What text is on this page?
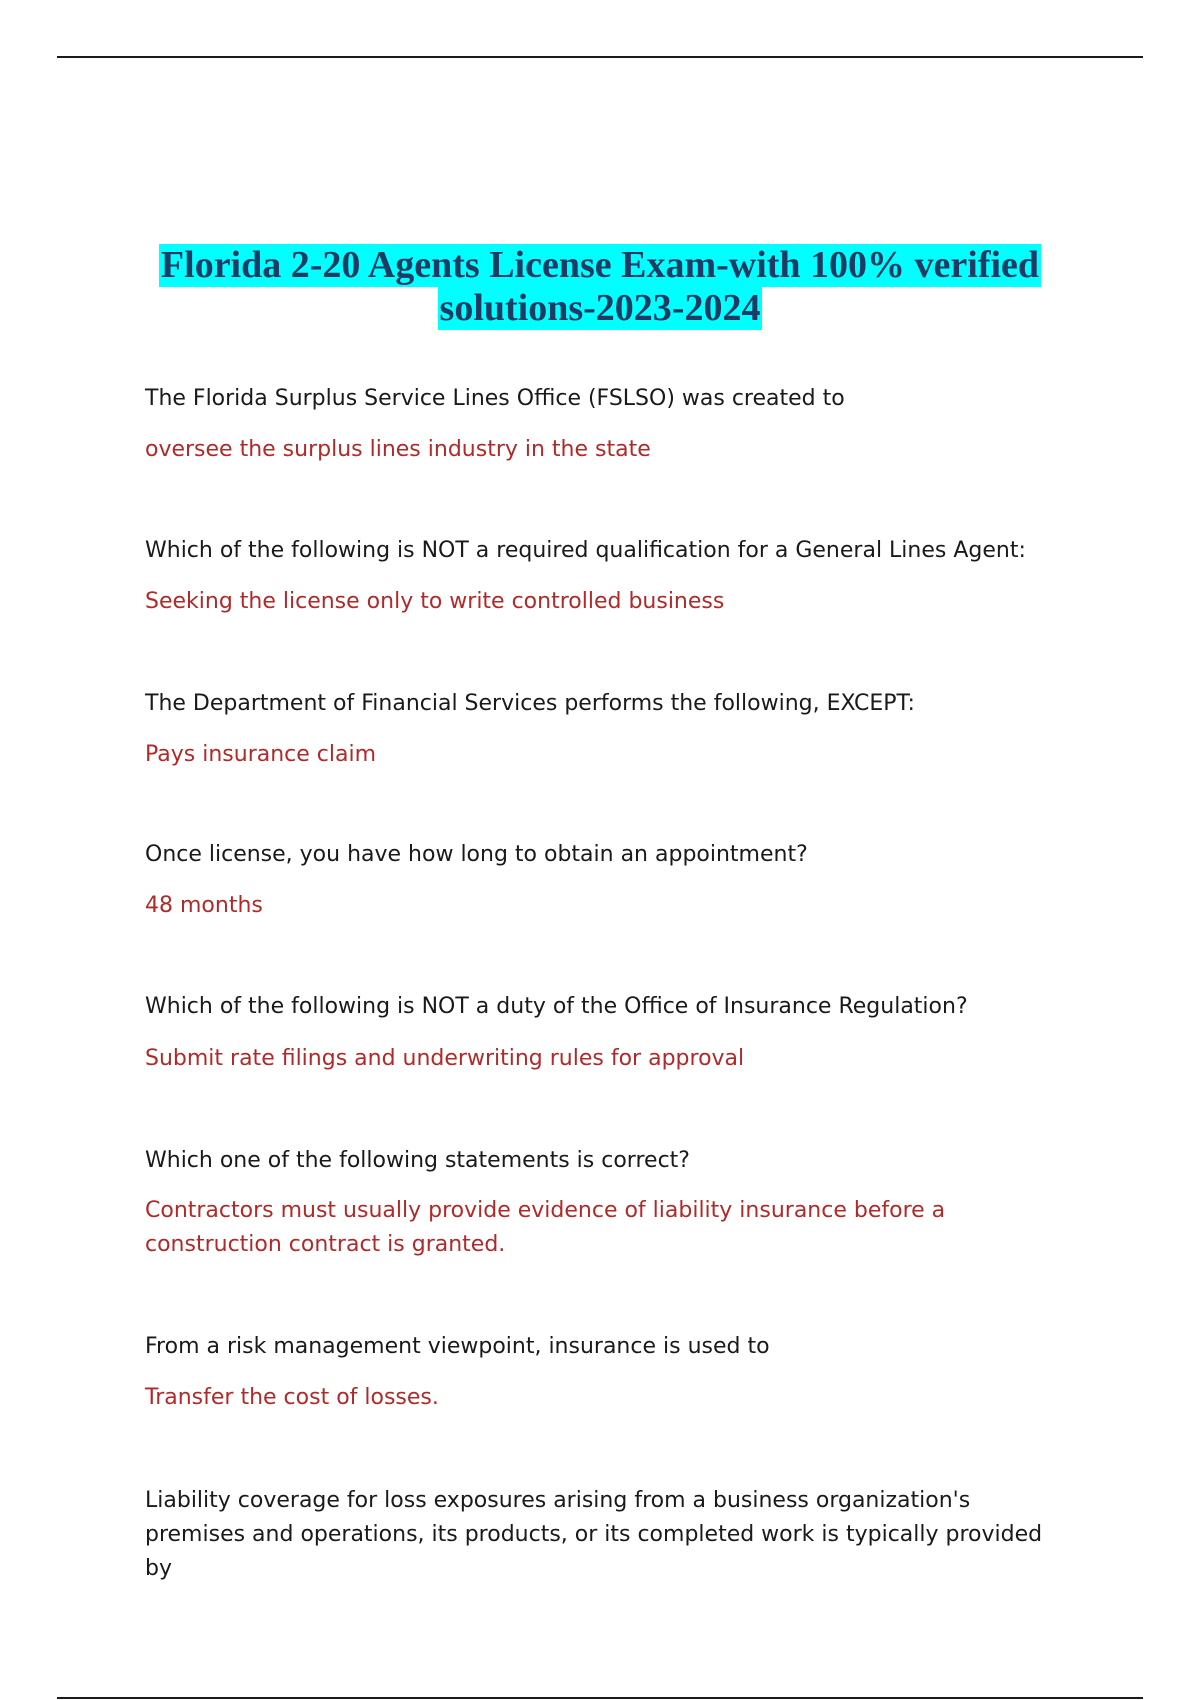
Florida 2-20 Agents License Exam-with 100% verified
solutions-2023-2024

The Florida Surplus Service Lines Office (FSLSO) was created to

oversee the surplus lines industry in the state

Which of the following is NOT a required qualification for a General Lines Agent:

Seeking the license only to write controlled business

The Department of Financial Services performs the following, EXCEPT:

Pays insurance claim

Once license, you have how long to obtain an appointment?

48 months

Which of the following is NOT a duty of the Office of Insurance Regulation?

Submit rate filings and underwriting rules for approval

Which one of the following statements is correct?

Contractors must usually provide evidence of liability insurance before a construction contract is granted.

From a risk management viewpoint, insurance is used to

Transfer the cost of losses.

Liability coverage for loss exposures arising from a business organization's premises and operations, its products, or its completed work is typically provided by
